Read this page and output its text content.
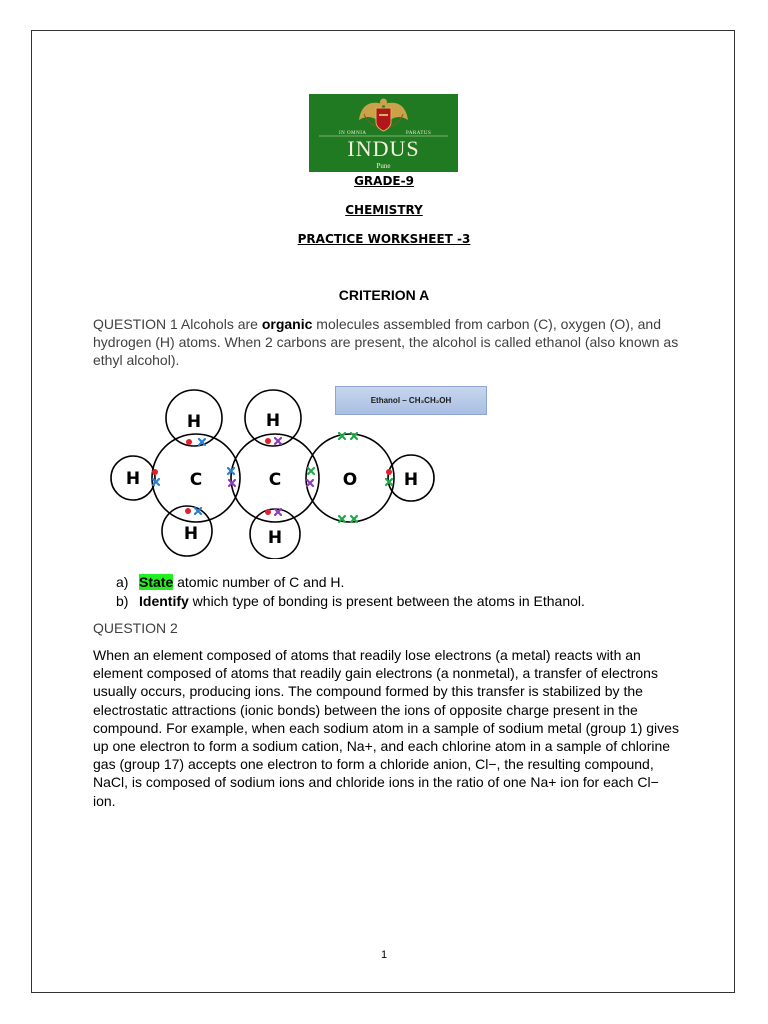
IN OMNIA	PARATUS
INDUS
Pune
GRADE-9
CHEMISTRY
PRACTICE WORKSHEET -3
CRITERION A
QUESTION 1 Alcohols are organic molecules assembled from carbon (C), oxygen (O), and hydrogen (H) atoms. When 2 carbons are present, the alcohol is called ethanol (also known as ethyl alcohol).
Ethanol – CH₃CH₂OH
H	H
H	C	C	O	H
H	H
a) State atomic number of C and H.
b) Identify which type of bonding is present between the atoms in Ethanol.
QUESTION 2
When an element composed of atoms that readily lose electrons (a metal) reacts with an element composed of atoms that readily gain electrons (a nonmetal), a transfer of electrons usually occurs, producing ions. The compound formed by this transfer is stabilized by the electrostatic attractions (ionic bonds) between the ions of opposite charge present in the compound. For example, when each sodium atom in a sample of sodium metal (group 1) gives up one electron to form a sodium cation, Na+, and each chlorine atom in a sample of chlorine gas (group 17) accepts one electron to form a chloride anion, Cl−, the resulting compound, NaCl, is composed of sodium ions and chloride ions in the ratio of one Na+ ion for each Cl− ion.
1
